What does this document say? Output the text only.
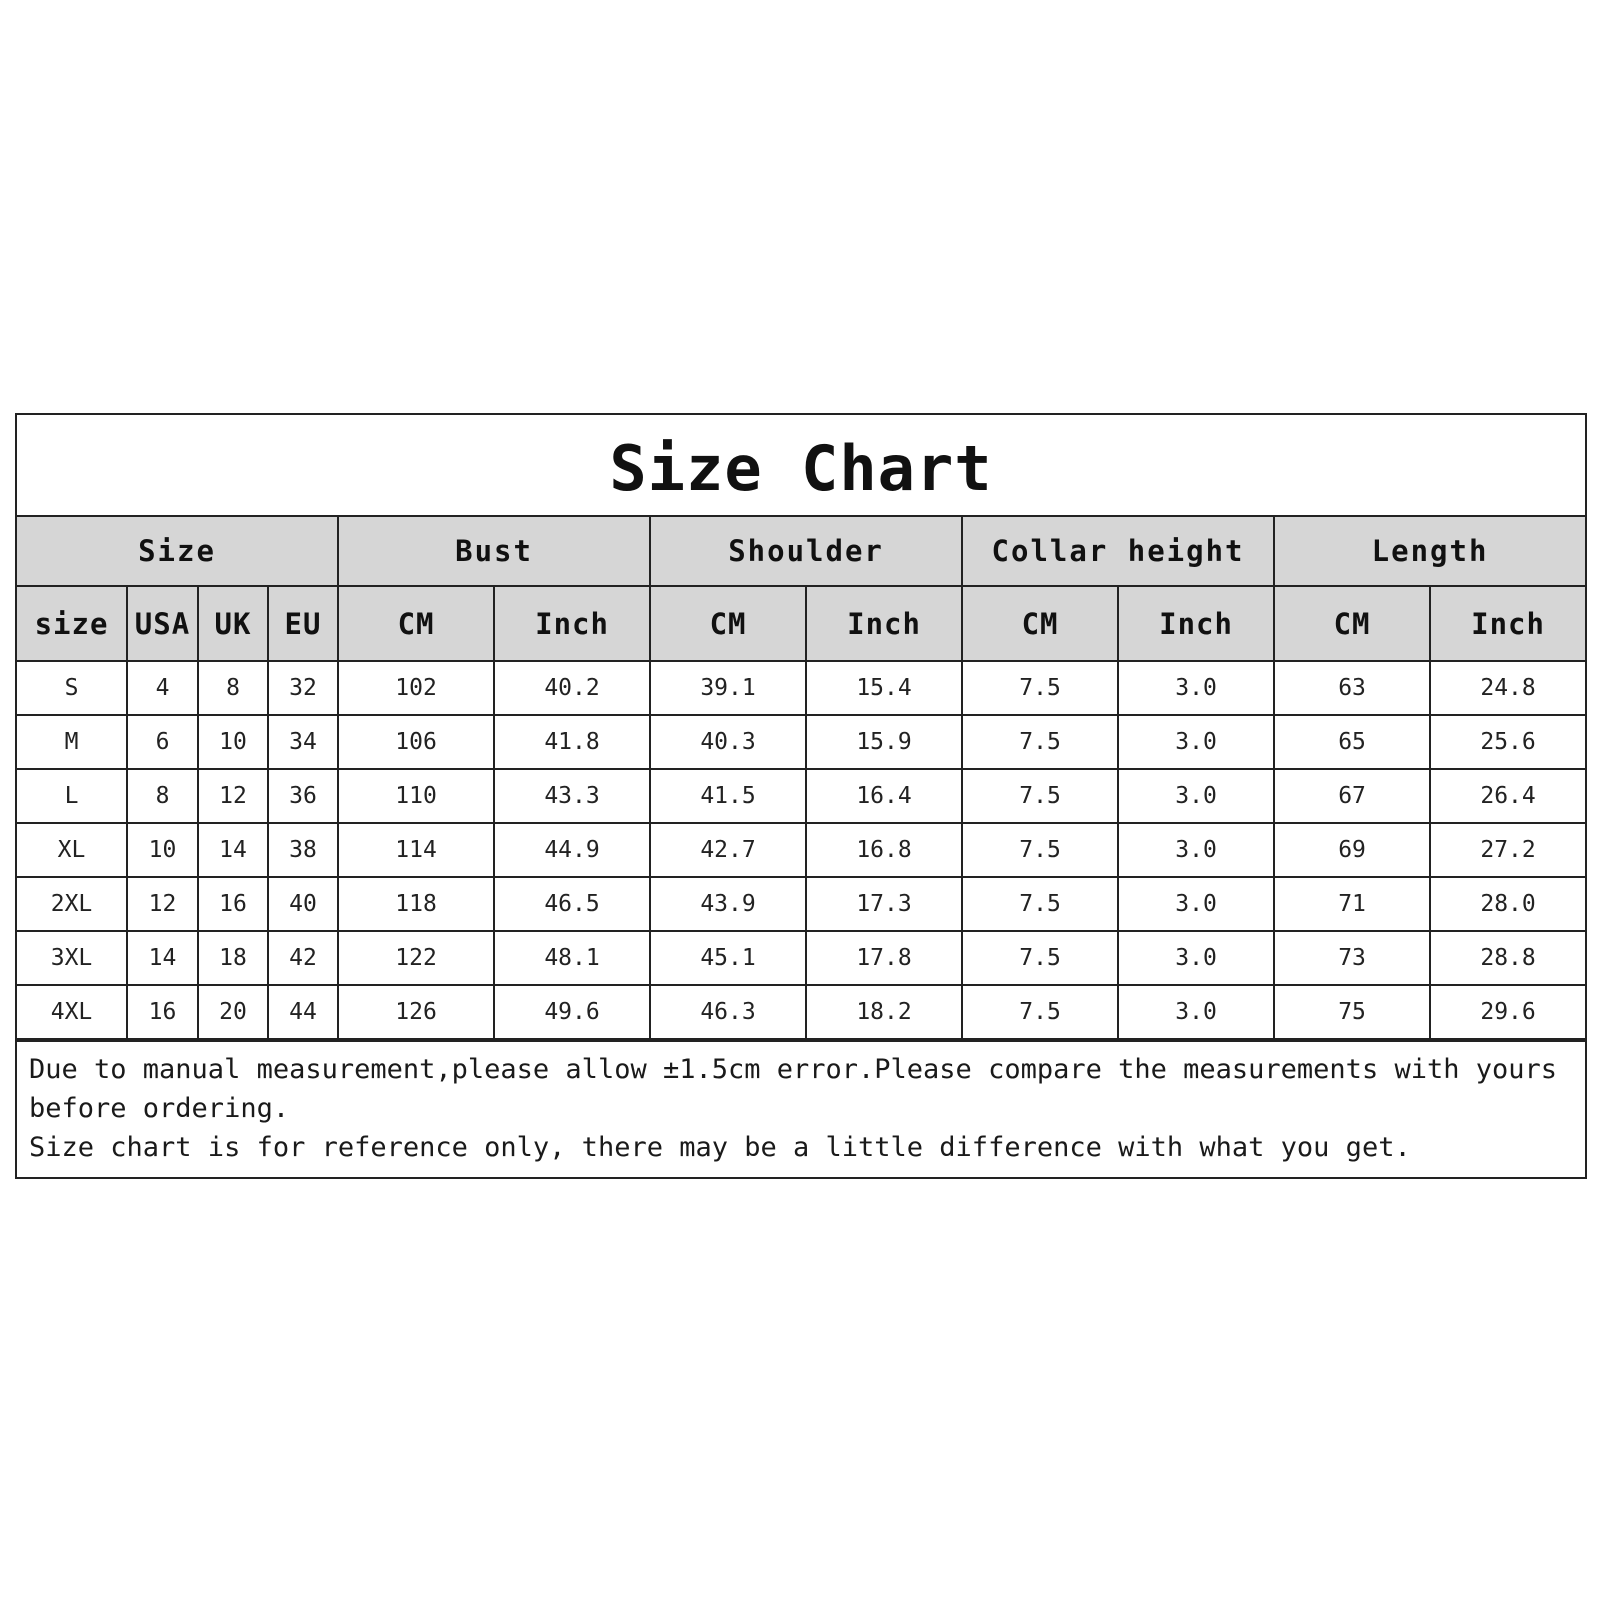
Size Chart
Size				Bust		Shoulder		Collar height		Length	
size	USA	UK	EU	CM	Inch	CM	Inch	CM	Inch	CM	Inch
S	4	8	32	102	40.2	39.1	15.4	7.5	3.0	63	24.8
M	6	10	34	106	41.8	40.3	15.9	7.5	3.0	65	25.6
L	8	12	36	110	43.3	41.5	16.4	7.5	3.0	67	26.4
XL	10	14	38	114	44.9	42.7	16.8	7.5	3.0	69	27.2
2XL	12	16	40	118	46.5	43.9	17.3	7.5	3.0	71	28.0
3XL	14	18	42	122	48.1	45.1	17.8	7.5	3.0	73	28.8
4XL	16	20	44	126	49.6	46.3	18.2	7.5	3.0	75	29.6
Due to manual measurement,please allow ±1.5cm error.Please compare the measurements with yours before ordering.
Size chart is for reference only, there may be a little difference with what you get.
